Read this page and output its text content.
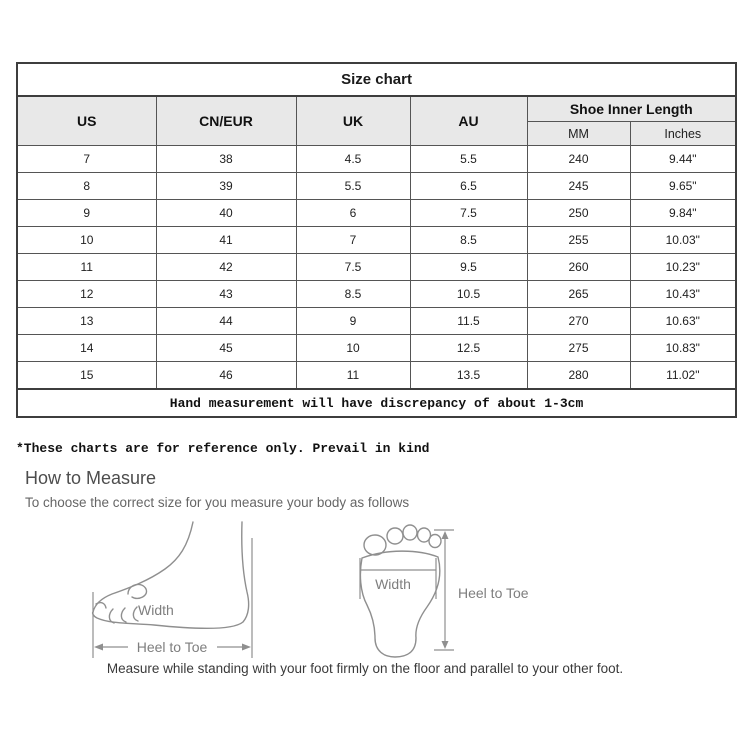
Size chart					
US	CN/EUR	UK	AU	Shoe Inner Length	
				MM	Inches
7	38	4.5	5.5	240	9.44"
8	39	5.5	6.5	245	9.65"
9	40	6	7.5	250	9.84"
10	41	7	8.5	255	10.03"
11	42	7.5	9.5	260	10.23"
12	43	8.5	10.5	265	10.43"
13	44	9	11.5	270	10.63"
14	45	10	12.5	275	10.83"
15	46	11	13.5	280	11.02"
Hand measurement will have discrepancy of about 1-3cm					
*These charts are for reference only. Prevail in kind
How to Measure
To choose the correct size for you measure your body as follows
Width
Heel to Toe
Width
Heel to Toe
Measure while standing with your foot firmly on the floor and parallel to your other foot.
